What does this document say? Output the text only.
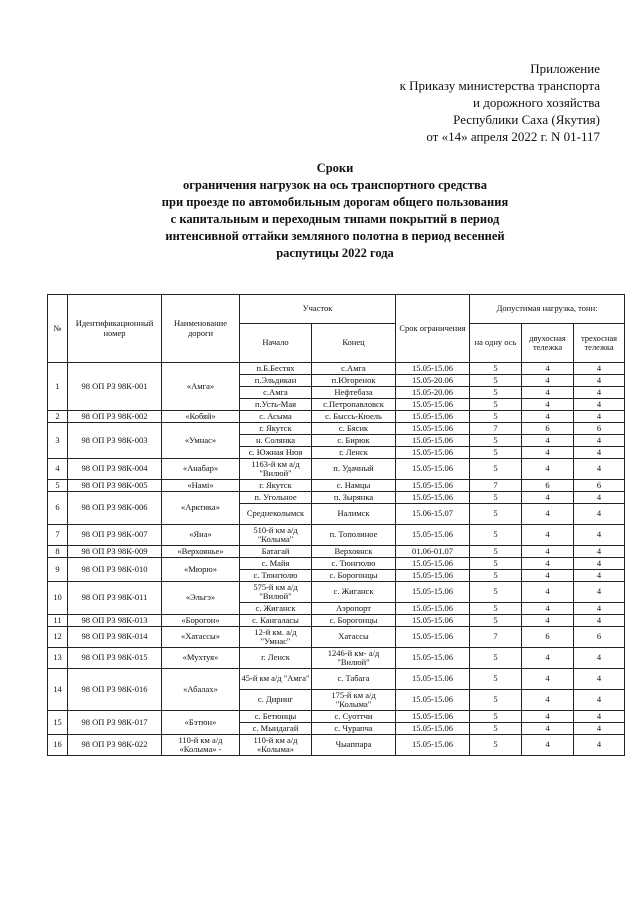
Приложение
к Приказу министерства транспорта
и дорожного хозяйства
Республики Саха (Якутия)
от «14» апреля 2022 г. N 01-117
Сроки
ограничения нагрузок на ось транспортного средства
при проезде по автомобильным дорогам общего пользования
с капитальным и переходным типами покрытий в период
интенсивной оттайки земляного полотна в период весенней
распутицы 2022 года
№	Идентификационный номер	Наименование дороги	Участок		Срок ограничения	Допустимая нагрузка, тонн:		
			Начало	Конец		на одну ось	двухосная тележка	трехосная тележка
1	98 ОП РЗ 98К-001	«Амга»	п.Б.Бестях	с.Амга	15.05-15.06	5	4	4
			п.Эльдикан	п.Югоренок	15.05-20.06	5	4	4
			с.Амга	Нефтебаза	15.05-20.06	5	4	4
			п.Усть-Мая	с.Петропавловск	15.05-15.06	5	4	4
2	98 ОП РЗ 98К-002	«Кобяй»	с. Асыма	с. Быссь-Кюель	15.05-15.06	5	4	4
3	98 ОП РЗ 98К-003	«Умнас»	г. Якутск	с. Бясик	15.05-15.06	7	6	6
			н. Солянка	с. Бирюк	15.05-15.06	5	4	4
			с. Южная Нюя	г. Ленск	15.05-15.06	5	4	4
4	98 ОП РЗ 98К-004	«Анабар»	1163-й км а/д "Вилюй"	п. Удачный	15.05-15.06	5	4	4
5	98 ОП РЗ 98К-005	«Намі»	г. Якутск	с. Намцы	15.05-15.06	7	6	6
6	98 ОП РЗ 98К-006	«Арктика»	п. Угольное	п. Зырянка	15.05-15.06	5	4	4
			Среднеколымск	Налимск	15.06-15.07	5	4	4
7	98 ОП РЗ 98К-007	«Яна»	510-й км а/д "Колыма"	п. Тополиное	15.05-15.06	5	4	4
8	98 ОП РЗ 98К-009	«Верхоянье»	Батагай	Верхоянск	01.06-01.07	5	4	4
9	98 ОП РЗ 98К-010	«Мюрю»	с. Майя	с. Тюнгюлю	15.05-15.06	5	4	4
			с. Тюнгюлю	с. Борогонцы	15.05-15.06	5	4	4
10	98 ОП РЗ 98К-011	«Эльгэ»	575-й км а/д "Вилюй"	с. Жиганск	15.05-15.06	5	4	4
			с. Жиганск	Аэропорт	15.05-15.06	5	4	4
11	98 ОП РЗ 98К-013	«Борогон»	с. Кангаласы	с. Борогонцы	15.05-15.06	5	4	4
12	98 ОП РЗ 98К-014	«Хатассы»	12-й км. а/д "Умнас"	Хатассы	15.05-15.06	7	6	6
13	98 ОП РЗ 98К-015	«Мухтуя»	г. Ленск	1246-й км- а/д "Вилюй"	15.05-15.06	5	4	4
14	98 ОП РЗ 98К-016	«Абалах»	45-й км а/д "Амга"	с. Табага	15.05-15.06	5	4	4
			с. Диринг	175-й км а/д "Колыма"	15.05-15.06	5	4	4
15	98 ОП РЗ 98К-017	«Бэтюн»	с. Бетюнцы	с. Суоттчи	15.05-15.06	5	4	4
			с. Мындагай	с. Чурапча	15.05-15.06	5	4	4
16	98 ОП РЗ 98К-022	110-й км а/д «Колыма» -	110-й км а/д «Колыма»	Чыаппара	15.05-15.06	5	4	4
